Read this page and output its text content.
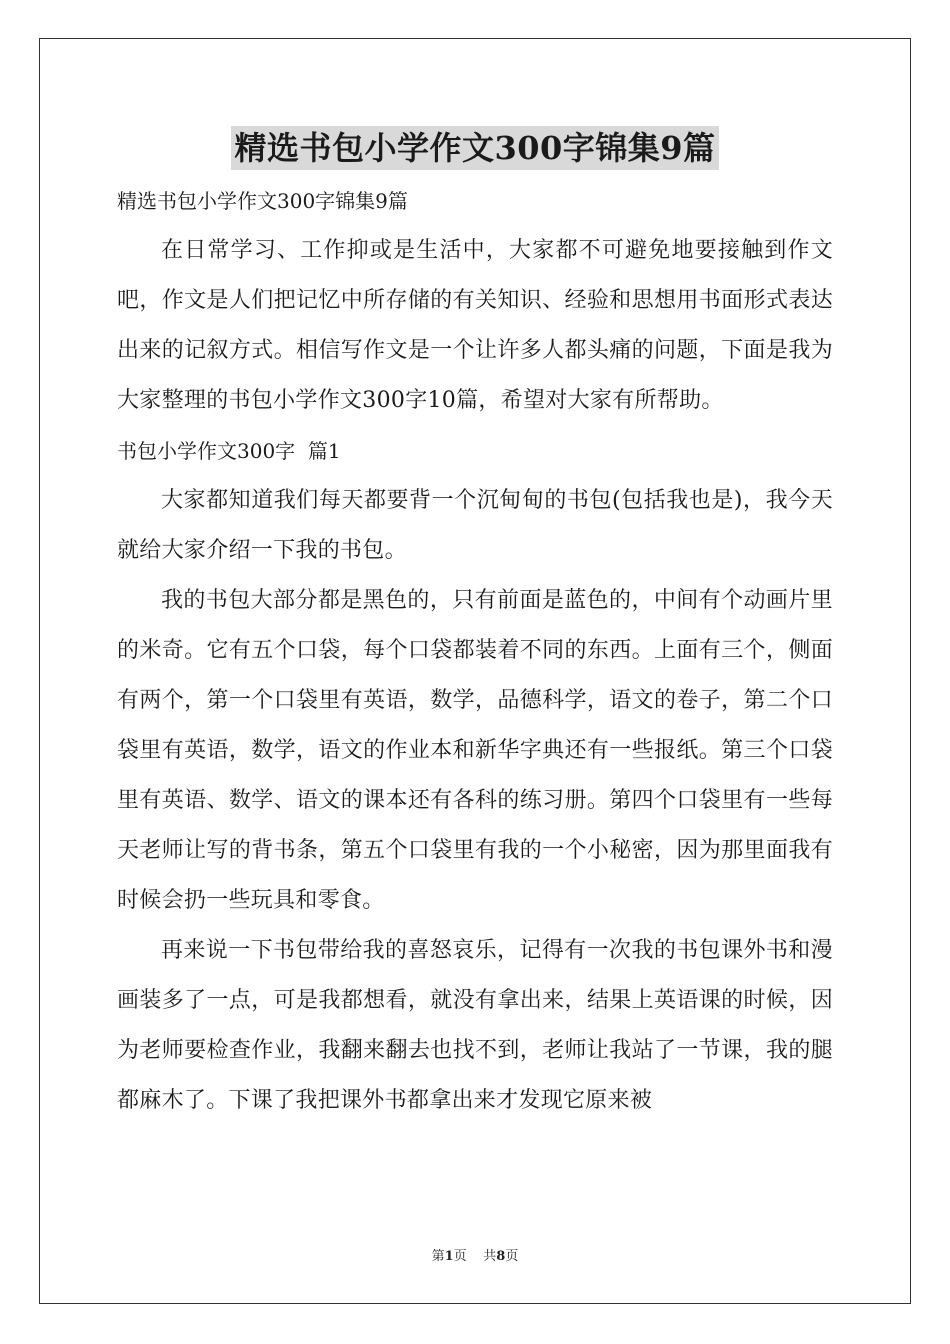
精选书包小学作文300字锦集9篇

精选书包小学作文300字锦集9篇

在日常学习、工作抑或是生活中，大家都不可避免地要接触到作文吧，作文是人们把记忆中所存储的有关知识、经验和思想用书面形式表达出来的记叙方式。相信写作文是一个让许多人都头痛的问题，下面是我为大家整理的书包小学作文300字10篇，希望对大家有所帮助。

书包小学作文300字  篇1

大家都知道我们每天都要背一个沉甸甸的书包(包括我也是)，我今天就给大家介绍一下我的书包。

我的书包大部分都是黑色的，只有前面是蓝色的，中间有个动画片里的米奇。它有五个口袋，每个口袋都装着不同的东西。上面有三个，侧面有两个，第一个口袋里有英语，数学，品德科学，语文的卷子，第二个口袋里有英语，数学，语文的作业本和新华字典还有一些报纸。第三个口袋里有英语、数学、语文的课本还有各科的练习册。第四个口袋里有一些每天老师让写的背书条，第五个口袋里有我的一个小秘密，因为那里面我有时候会扔一些玩具和零食。

再来说一下书包带给我的喜怒哀乐，记得有一次我的书包课外书和漫画装多了一点，可是我都想看，就没有拿出来，结果上英语课的时候，因为老师要检查作业，我翻来翻去也找不到，老师让我站了一节课，我的腿都麻木了。下课了我把课外书都拿出来才发现它原来被

第1页 共8页
